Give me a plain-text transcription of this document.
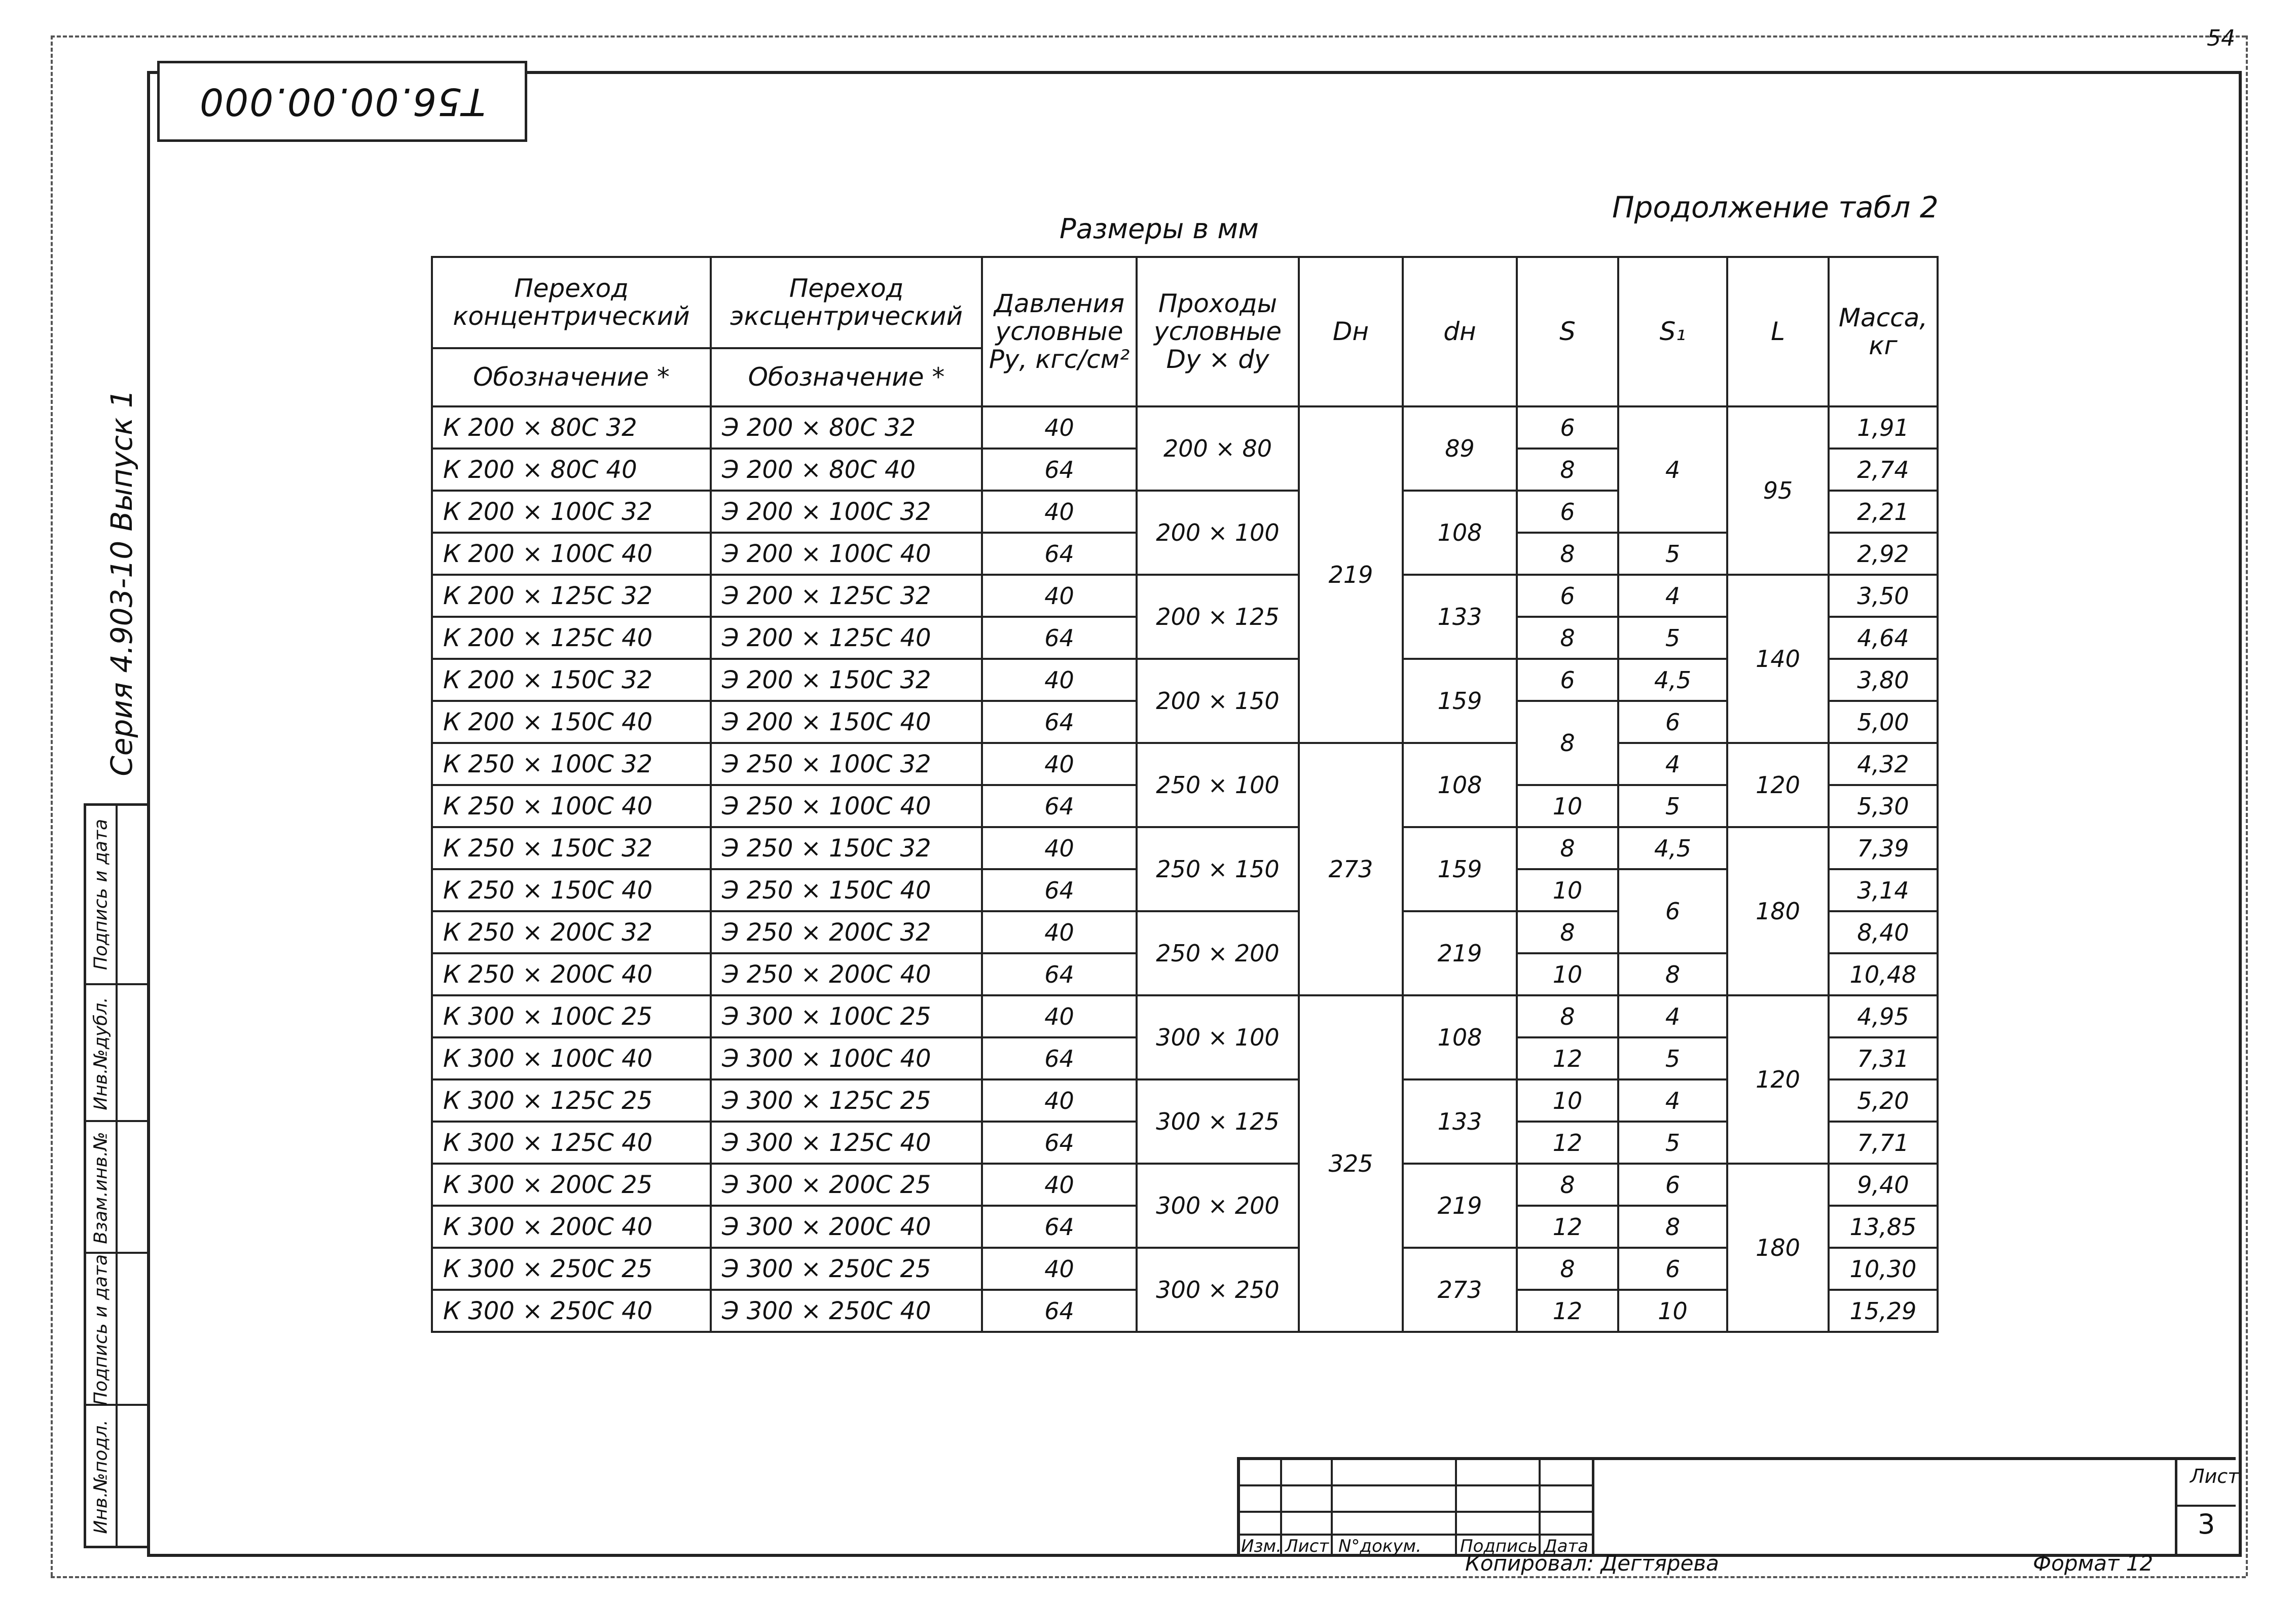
54
T56.00.00.000
Серия 4.903-10 Выпуск 1
Инв.№подл.
Подпись и дата
Взам.инв.№
Инв.№дубл.
Подпись и дата
Продолжение табл 2
Размеры в мм
Переход концентрический	Переход эксцентрический	Давления условные Ру, кгс/см²	Проходы условные Dy × dy	Dн	dн	S	S₁	L	Масса, кг
Обозначение *	Обозначение *								
К 200 × 80С 32	Э 200 × 80С 32	40	200 × 80	219	89	6	4	95	1,91
К 200 × 80С 40	Э 200 × 80С 40	64				8			2,74
К 200 × 100С 32	Э 200 × 100С 32	40	200 × 100		108	6			2,21
К 200 × 100С 40	Э 200 × 100С 40	64				8	5		2,92
К 200 × 125С 32	Э 200 × 125С 32	40	200 × 125		133	6	4	140	3,50
К 200 × 125С 40	Э 200 × 125С 40	64				8	5		4,64
К 200 × 150С 32	Э 200 × 150С 32	40	200 × 150		159	6	4,5		3,80
К 200 × 150С 40	Э 200 × 150С 40	64				8	6		5,00
К 250 × 100С 32	Э 250 × 100С 32	40	250 × 100	273	108		4	120	4,32
К 250 × 100С 40	Э 250 × 100С 40	64				10	5		5,30
К 250 × 150С 32	Э 250 × 150С 32	40	250 × 150		159	8	4,5	180	7,39
К 250 × 150С 40	Э 250 × 150С 40	64				10	6		3,14
К 250 × 200С 32	Э 250 × 200С 32	40	250 × 200		219	8			8,40
К 250 × 200С 40	Э 250 × 200С 40	64				10	8		10,48
К 300 × 100С 25	Э 300 × 100С 25	40	300 × 100	325	108	8	4	120	4,95
К 300 × 100С 40	Э 300 × 100С 40	64				12	5		7,31
К 300 × 125С 25	Э 300 × 125С 25	40	300 × 125		133	10	4		5,20
К 300 × 125С 40	Э 300 × 125С 40	64				12	5		7,71
К 300 × 200С 25	Э 300 × 200С 25	40	300 × 200		219	8	6	180	9,40
К 300 × 200С 40	Э 300 × 200С 40	64				12	8		13,85
К 300 × 250С 25	Э 300 × 250С 25	40	300 × 250		273	8	6		10,30
К 300 × 250С 40	Э 300 × 250С 40	64				12	10		15,29
Изм. Лист N°докум. Подпись Дата
Лист
3
Копировал: Дегтярева	Формат 12
